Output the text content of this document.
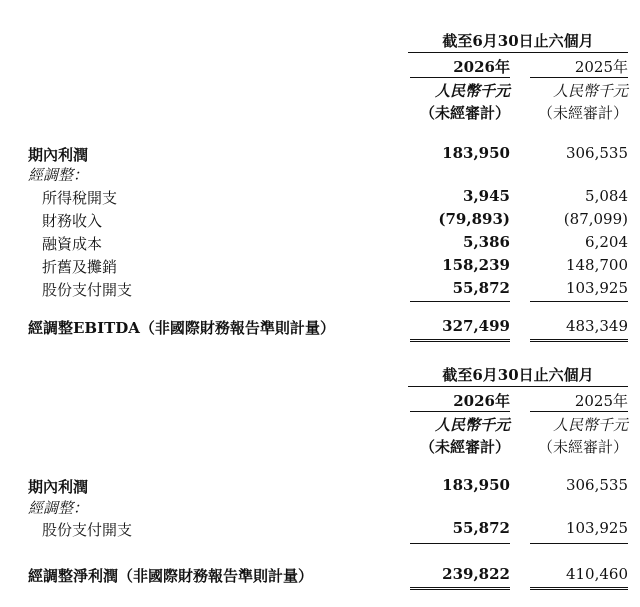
截至6月30日止六個月
2026年	2025年
人民幣千元	人民幣千元
（未經審計）	（未經審計）
期內利潤	183,950	306,535
經調整：
所得稅開支	3,945	5,084
財務收入	(79,893)	(87,099)
融資成本	5,386	6,204
折舊及攤銷	158,239	148,700
股份支付開支	55,872	103,925
經調整EBITDA（非國際財務報告準則計量）	327,499	483,349
截至6月30日止六個月
2026年	2025年
人民幣千元	人民幣千元
（未經審計）	（未經審計）
期內利潤	183,950	306,535
經調整：
股份支付開支	55,872	103,925
經調整淨利潤（非國際財務報告準則計量）	239,822	410,460
